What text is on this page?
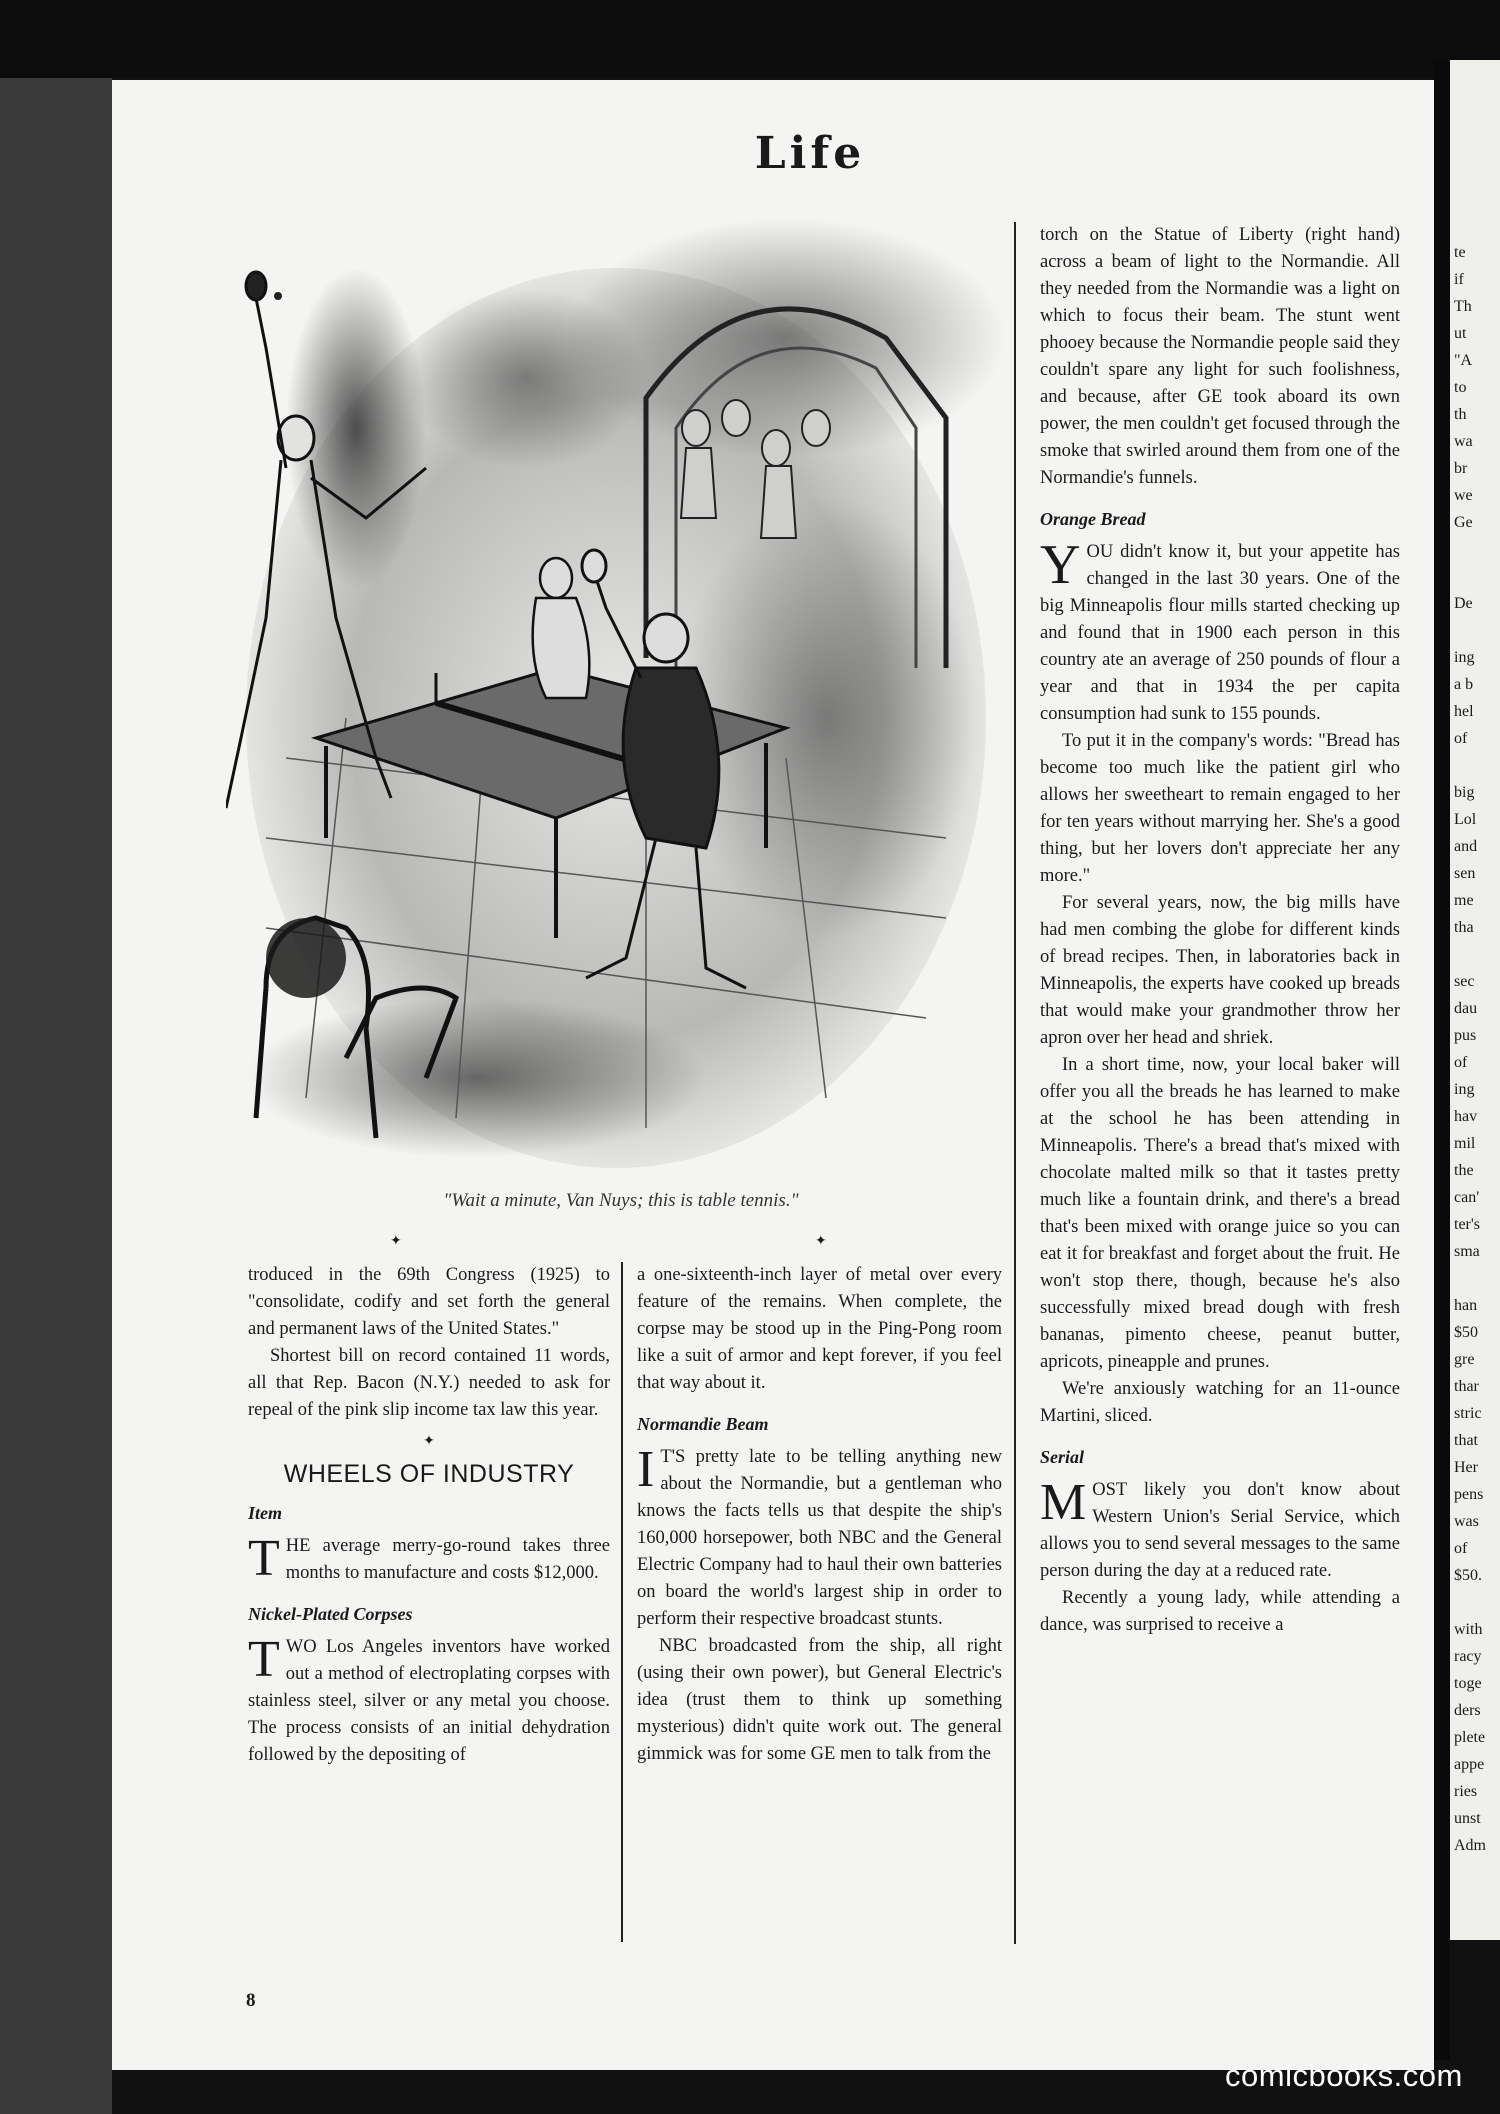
te
if
Th
ut
"A
to
th
wa
br
we
Ge
De
ing
a b
hel
of
big
Lol
and
sen
me
tha
sec
dau
pus
of
ing
hav
mil
the
can'
ter's
sma
han
$50
gre
thar
stric
that
Her
pens
was
of
$50.
with
racy
toge
ders
plete
appe
ries
unst
Adm
Life
"Wait a minute, Van Nuys; this is table tennis."
✦	✦

troduced in the 69th Congress (1925) to "consolidate, codify and set forth the general and permanent laws of the United States."

Shortest bill on record contained 11 words, all that Rep. Bacon (N.Y.) needed to ask for repeal of the pink slip income tax law this year.

✦

WHEELS OF INDUSTRY

Item

THE average merry-go-round takes three months to manufacture and costs $12,000.

Nickel-Plated Corpses

TWO Los Angeles inventors have worked out a method of electroplating corpses with stainless steel, silver or any metal you choose. The process consists of an initial dehydration followed by the depositing of

a one-sixteenth-inch layer of metal over every feature of the remains. When complete, the corpse may be stood up in the Ping-Pong room like a suit of armor and kept forever, if you feel that way about it.

Normandie Beam

I T'S pretty late to be telling anything new about the Normandie, but a gentleman who knows the facts tells us that despite the ship's 160,000 horsepower, both NBC and the General Electric Company had to haul their own batteries on board the world's largest ship in order to perform their respective broadcast stunts.

NBC broadcasted from the ship, all right (using their own power), but General Electric's idea (trust them to think up something mysterious) didn't quite work out. The general gimmick was for some GE men to talk from the

torch on the Statue of Liberty (right hand) across a beam of light to the Normandie. All they needed from the Normandie was a light on which to focus their beam. The stunt went phooey because the Normandie people said they couldn't spare any light for such foolishness, and because, after GE took aboard its own power, the men couldn't get focused through the smoke that swirled around them from one of the Normandie's funnels.

Orange Bread

YOU didn't know it, but your appetite has changed in the last 30 years. One of the big Minneapolis flour mills started checking up and found that in 1900 each person in this country ate an average of 250 pounds of flour a year and that in 1934 the per capita consumption had sunk to 155 pounds.

To put it in the company's words: "Bread has become too much like the patient girl who allows her sweetheart to remain engaged to her for ten years without marrying her. She's a good thing, but her lovers don't appreciate her any more."

For several years, now, the big mills have had men combing the globe for different kinds of bread recipes. Then, in laboratories back in Minneapolis, the experts have cooked up breads that would make your grandmother throw her apron over her head and shriek.

In a short time, now, your local baker will offer you all the breads he has learned to make at the school he has been attending in Minneapolis. There's a bread that's mixed with chocolate malted milk so that it tastes pretty much like a fountain drink, and there's a bread that's been mixed with orange juice so you can eat it for breakfast and forget about the fruit. He won't stop there, though, because he's also successfully mixed bread dough with fresh bananas, pimento cheese, peanut butter, apricots, pineapple and prunes.

We're anxiously watching for an 11-ounce Martini, sliced.

Serial

MOST likely you don't know about Western Union's Serial Service, which allows you to send several messages to the same person during the day at a reduced rate.

Recently a young lady, while attending a dance, was surprised to receive a

8
comicbooks.com
